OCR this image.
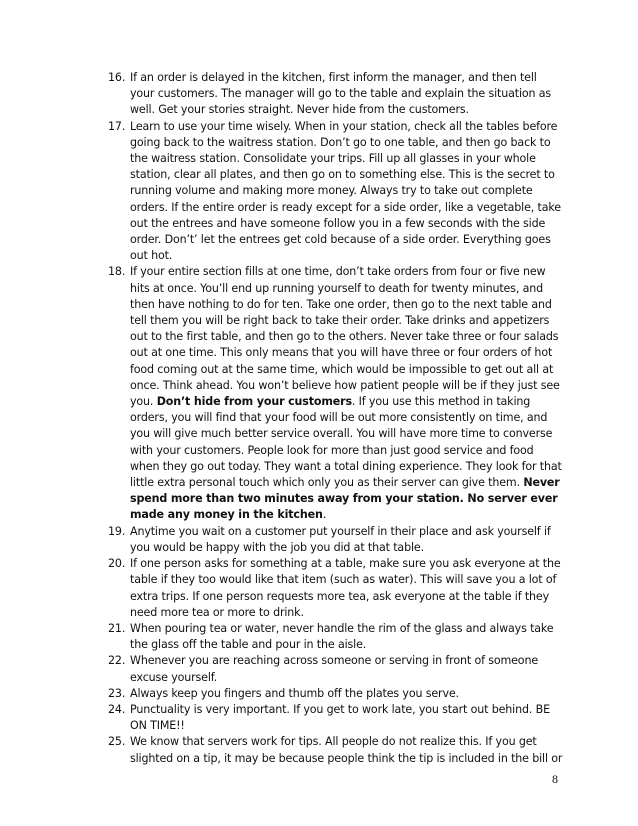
16. If an order is delayed in the kitchen, first inform the manager, and then tell your customers. The manager will go to the table and explain the situation as well. Get your stories straight. Never hide from the customers.
17. Learn to use your time wisely. When in your station, check all the tables before going back to the waitress station. Don’t go to one table, and then go back to the waitress station. Consolidate your trips. Fill up all glasses in your whole station, clear all plates, and then go on to something else. This is the secret to running volume and making more money. Always try to take out complete orders. If the entire order is ready except for a side order, like a vegetable, take out the entrees and have someone follow you in a few seconds with the side order. Don’t’ let the entrees get cold because of a side order. Everything goes out hot.
18. If your entire section fills at one time, don’t take orders from four or five new hits at once. You’ll end up running yourself to death for twenty minutes, and then have nothing to do for ten. Take one order, then go to the next table and tell them you will be right back to take their order. Take drinks and appetizers out to the first table, and then go to the others. Never take three or four salads out at one time. This only means that you will have three or four orders of hot food coming out at the same time, which would be impossible to get out all at once. Think ahead. You won’t believe how patient people will be if they just see you. Don’t hide from your customers. If you use this method in taking orders, you will find that your food will be out more consistently on time, and you will give much better service overall. You will have more time to converse with your customers. People look for more than just good service and food when they go out today. They want a total dining experience. They look for that little extra personal touch which only you as their server can give them. Never spend more than two minutes away from your station. No server ever made any money in the kitchen.
19. Anytime you wait on a customer put yourself in their place and ask yourself if you would be happy with the job you did at that table.
20. If one person asks for something at a table, make sure you ask everyone at the table if they too would like that item (such as water). This will save you a lot of extra trips. If one person requests more tea, ask everyone at the table if they need more tea or more to drink.
21. When pouring tea or water, never handle the rim of the glass and always take the glass off the table and pour in the aisle.
22. Whenever you are reaching across someone or serving in front of someone excuse yourself.
23. Always keep you fingers and thumb off the plates you serve.
24. Punctuality is very important. If you get to work late, you start out behind. BE ON TIME!!
25. We know that servers work for tips. All people do not realize this. If you get slighted on a tip, it may be because people think the tip is included in the bill or
8
